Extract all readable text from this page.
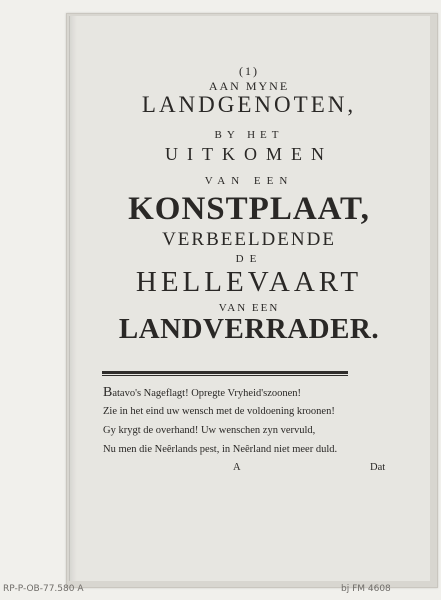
(1)
AAN MYNE
LANDGENOTEN,
BY HET
UITKOMEN
VAN EEN
KONSTPLAAT,
VERBEELDENDE
DE
HELLEVAART
VAN EEN
LANDVERRADER.
Batavo's Nageflagt! Opregte Vryheid'szoonen!
Zie in het eind uw wensch met de voldoening kroonen!
Gy krygt de overhand! Uw wenschen zyn vervuld,
Nu men die Neêrlands pest, in Neêrland niet meer duld.
A	Dat
RP-P-OB-77.580 A	bj FM 4608
